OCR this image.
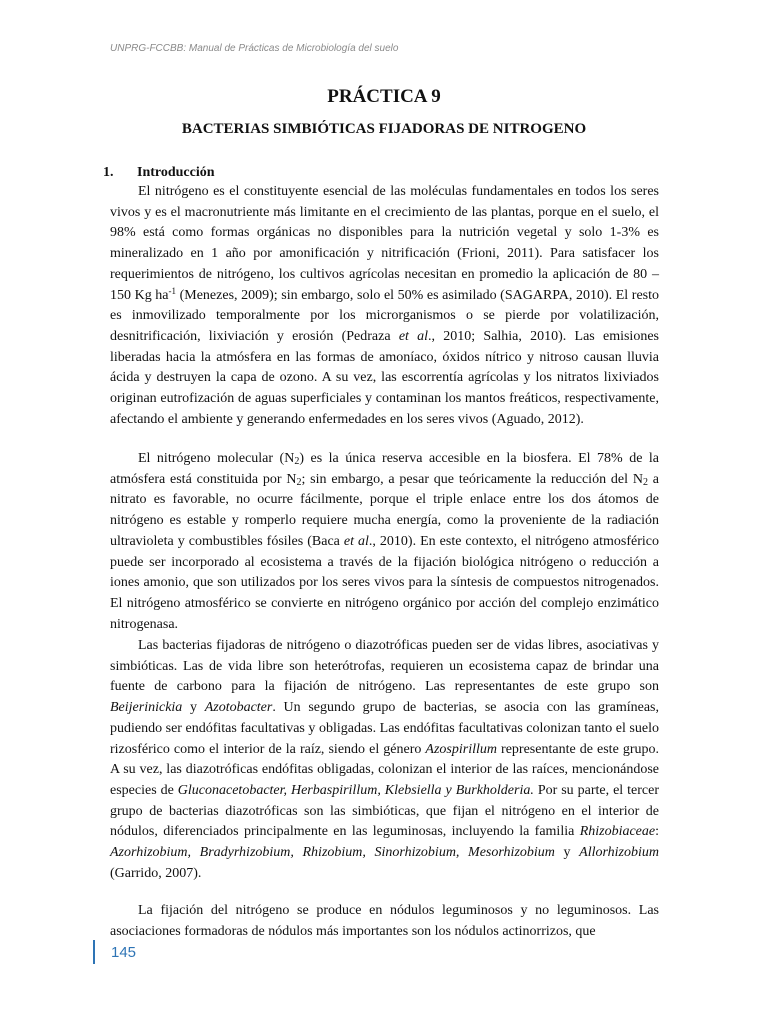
UNPRG-FCCBB: Manual de Prácticas de Microbiología del suelo
PRÁCTICA 9
BACTERIAS SIMBIÓTICAS FIJADORAS DE NITROGENO
1. Introducción

El nitrógeno es el constituyente esencial de las moléculas fundamentales en todos los seres vivos y es el macronutriente más limitante en el crecimiento de las plantas, porque en el suelo, el 98% está como formas orgánicas no disponibles para la nutrición vegetal y solo 1-3% es mineralizado en 1 año por amonificación y nitrificación (Frioni, 2011). Para satisfacer los requerimientos de nitrógeno, los cultivos agrícolas necesitan en promedio la aplicación de 80 – 150 Kg $ha^{-1}$ (Menezes, 2009); sin embargo, solo el 50% es asimilado (SAGARPA, 2010). El resto es inmovilizado temporalmente por los microrganismos o se pierde por volatilización, desnitrificación, lixiviación y erosión (Pedraza et al., 2010; Salhia, 2010). Las emisiones liberadas hacia la atmósfera en las formas de amoníaco, óxidos nítrico y nitroso causan lluvia ácida y destruyen la capa de ozono. A su vez, las escorrentía agrícolas y los nitratos lixiviados originan eutrofización de aguas superficiales y contaminan los mantos freáticos, respectivamente, afectando el ambiente y generando enfermedades en los seres vivos (Aguado, 2012).

El nitrógeno molecular $(N_2)$ es la única reserva accesible en la biosfera. El 78% de la atmósfera está constituida por $N_2$; sin embargo, a pesar que teóricamente la reducción del $N_2$ a nitrato es favorable, no ocurre fácilmente, porque el triple enlace entre los dos átomos de nitrógeno es estable y romperlo requiere mucha energía, como la proveniente de la radiación ultravioleta y combustibles fósiles (Baca et al., 2010). En este contexto, el nitrógeno atmosférico puede ser incorporado al ecosistema a través de la fijación biológica nitrógeno o reducción a iones amonio, que son utilizados por los seres vivos para la síntesis de compuestos nitrogenados. El nitrógeno atmosférico se convierte en nitrógeno orgánico por acción del complejo enzimático nitrogenasa.

Las bacterias fijadoras de nitrógeno o diazotróficas pueden ser de vidas libres, asociativas y simbióticas. Las de vida libre son heterótrofas, requieren un ecosistema capaz de brindar una fuente de carbono para la fijación de nitrógeno. Las representantes de este grupo son Beijerinickia y Azotobacter. Un segundo grupo de bacterias, se asocia con las gramíneas, pudiendo ser endófitas facultativas y obligadas. Las endófitas facultativas colonizan tanto el suelo rizosférico como el interior de la raíz, siendo el género Azospirillum representante de este grupo. A su vez, las diazotróficas endófitas obligadas, colonizan el interior de las raíces, mencionándose especies de Gluconacetobacter, Herbaspirillum, Klebsiella y Burkholderia. Por su parte, el tercer grupo de bacterias diazotróficas son las simbióticas, que fijan el nitrógeno en el interior de nódulos, diferenciados principalmente en las leguminosas, incluyendo la familia Rhizobiaceae: Azorhizobium, Bradyrhizobium, Rhizobium, Sinorhizobium, Mesorhizobium y Allorhizobium (Garrido, 2007).

La fijación del nitrógeno se produce en nódulos leguminosos y no leguminosos. Las asociaciones formadoras de nódulos más importantes son los nódulos actinorrizos, que

145
